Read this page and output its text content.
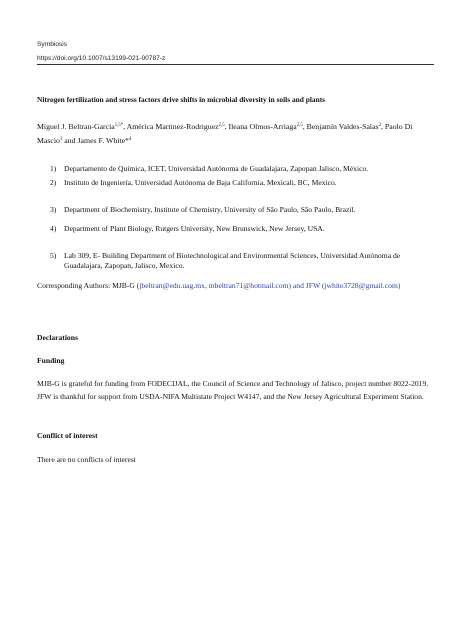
Symbiosis
https://doi.org/10.1007/s13199-021-00787-z
Nitrogen fertilization and stress factors drive shifts in microbial diversity in soils and plants
Miguel J. Beltran-Garcia$^{1,5*}$, América Martinez-Rodriguez$^{2,5}$, Ileana Olmos-Arriaga$^{2,5}$, Benjamín Valdes-Salas$^2$, Paolo Di
Mascio$^3$ and James F. White*$^4$
1) Departamento de Química, ICET, Universidad Autónoma de Guadalajara, Zapopan Jalisco, México.
2) Instituto de Ingeniería, Universidad Autónoma de Baja California, Mexicali, BC, Mexico.
3) Department of Biochemistry, Institute of Chemistry, University of São Paulo, São Paulo, Brazil.
4) Department of Plant Biology, Rutgers University, New Brunswick, New Jersey, USA.
5) Lab 309, E- Building Department of Biotechnological and Environmental Sciences, Universidad Autónoma de Guadalajara, Zapopan, Jalisco, Mexico.
Corresponding Authors: MJB-G (jbeltran@edu.uag.mx, mbeltran71@hotmail.com) and JFW (jwhite3728@gmail.com)
Declarations
Funding
MJB-G is grateful for funding from FODECIJAL, the Council of Science and Technology of Jalisco, project number 8022-2019. JFW is thankful for support from USDA-NIFA Multistate Project W4147, and the New Jersey Agricultural Experiment Station.
Conflict of interest
There are no conflicts of interest
